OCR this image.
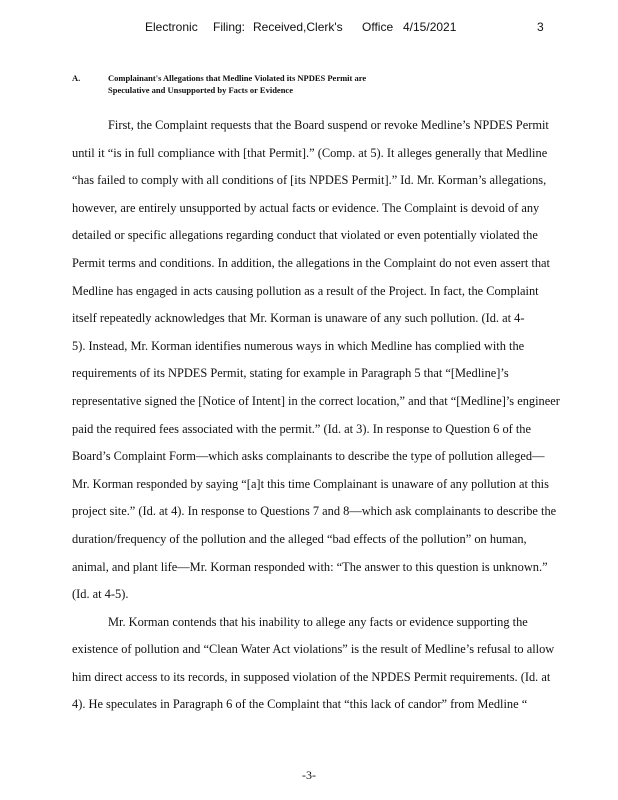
Electronic Filing: Received,Clerk's Office 4/15/2021	3
A.	Complainant's Allegations that Medline Violated its NPDES Permit are
Speculative and Unsupported by Facts or Evidence

First, the Complaint requests that the Board suspend or revoke Medline’s NPDES Permit
until it “is in full compliance with [that Permit].” (Comp. at 5). It alleges generally that Medline
“has failed to comply with all conditions of [its NPDES Permit].” Id. Mr. Korman’s allegations,
however, are entirely unsupported by actual facts or evidence. The Complaint is devoid of any
detailed or specific allegations regarding conduct that violated or even potentially violated the
Permit terms and conditions. In addition, the allegations in the Complaint do not even assert that
Medline has engaged in acts causing pollution as a result of the Project. In fact, the Complaint
itself repeatedly acknowledges that Mr. Korman is unaware of any such pollution. (Id. at 4-
5). Instead, Mr. Korman identifies numerous ways in which Medline has complied with the
requirements of its NPDES Permit, stating for example in Paragraph 5 that “[Medline]’s
representative signed the [Notice of Intent] in the correct location,” and that “[Medline]’s engineer
paid the required fees associated with the permit.” (Id. at 3). In response to Question 6 of the
Board’s Complaint Form—which asks complainants to describe the type of pollution alleged—
Mr. Korman responded by saying “[a]t this time Complainant is unaware of any pollution at this
project site.” (Id. at 4). In response to Questions 7 and 8—which ask complainants to describe the
duration/frequency of the pollution and the alleged “bad effects of the pollution” on human,
animal, and plant life—Mr. Korman responded with: “The answer to this question is unknown.”
(Id. at 4-5).

Mr. Korman contends that his inability to allege any facts or evidence supporting the
existence of pollution and “Clean Water Act violations” is the result of Medline’s refusal to allow
him direct access to its records, in supposed violation of the NPDES Permit requirements. (Id. at
4). He speculates in Paragraph 6 of the Complaint that “this lack of candor” from Medline “

-3-
